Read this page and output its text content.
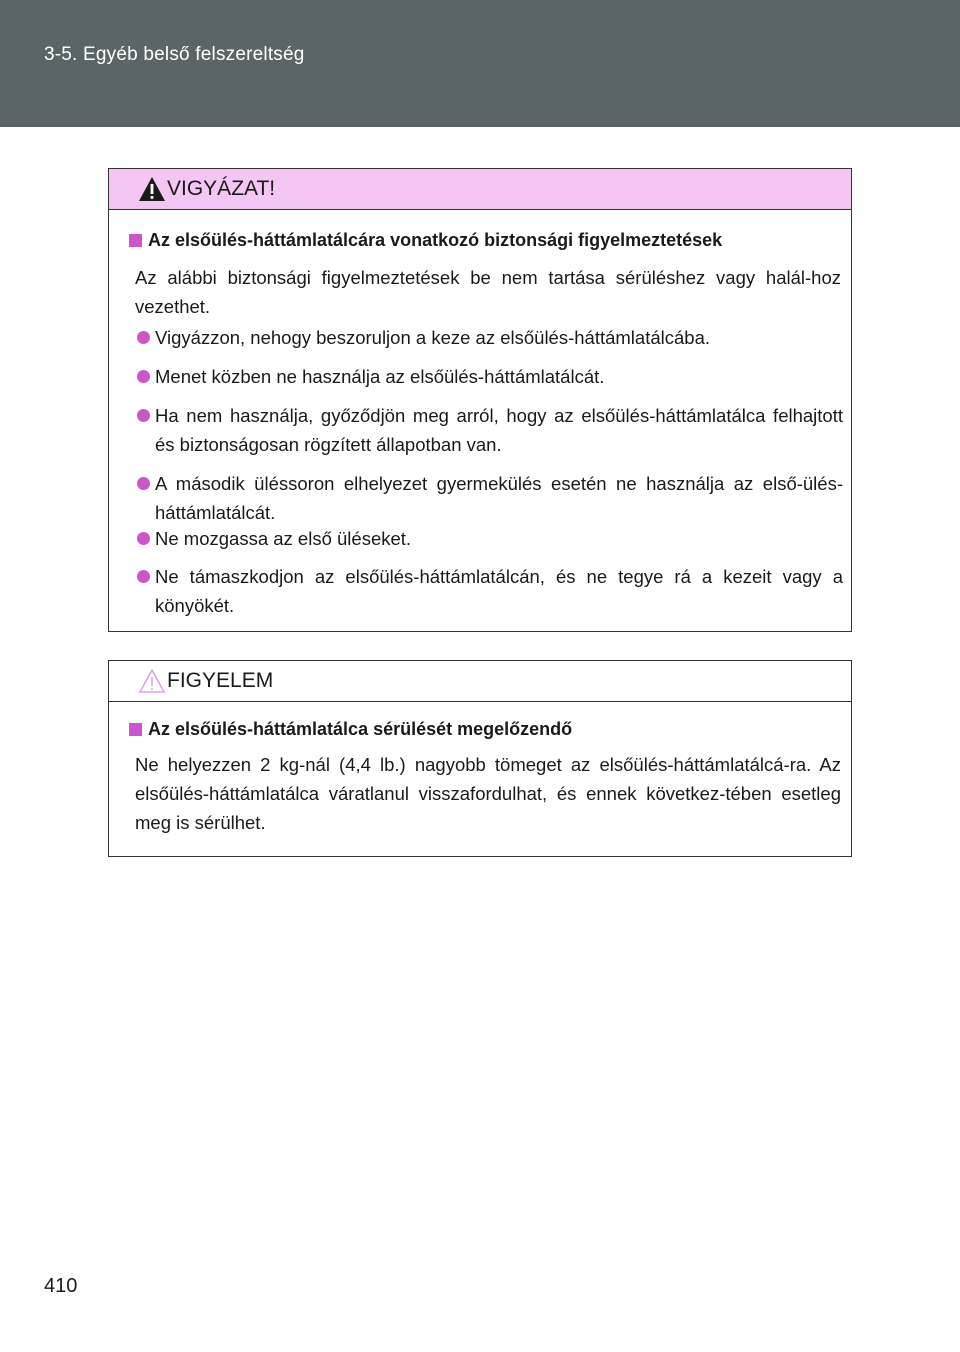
3-5. Egyéb belső felszereltség
VIGYÁZAT!
Az elsőülés-háttámlatálcára vonatkozó biztonsági figyelmeztetések
Az alábbi biztonsági figyelmeztetések be nem tartása sérüléshez vagy halál-hoz vezethet.
Vigyázzon, nehogy beszoruljon a keze az elsőülés-háttámlatálcába.
Menet közben ne használja az elsőülés-háttámlatálcát.
Ha nem használja, győződjön meg arról, hogy az elsőülés-háttámlatálca felhajtott és biztonságosan rögzített állapotban van.
A második üléssoron elhelyezet gyermekülés esetén ne használja az első-ülés-háttámlatálcát.
Ne mozgassa az első üléseket.
Ne támaszkodjon az elsőülés-háttámlatálcán, és ne tegye rá a kezeit vagy a könyökét.
FIGYELEM
Az elsőülés-háttámlatálca sérülését megelőzendő
Ne helyezzen 2 kg-nál (4,4 lb.) nagyobb tömeget az elsőülés-háttámlatálcá-ra. Az elsőülés-háttámlatálca váratlanul visszafordulhat, és ennek következ-tében esetleg meg is sérülhet.
410
